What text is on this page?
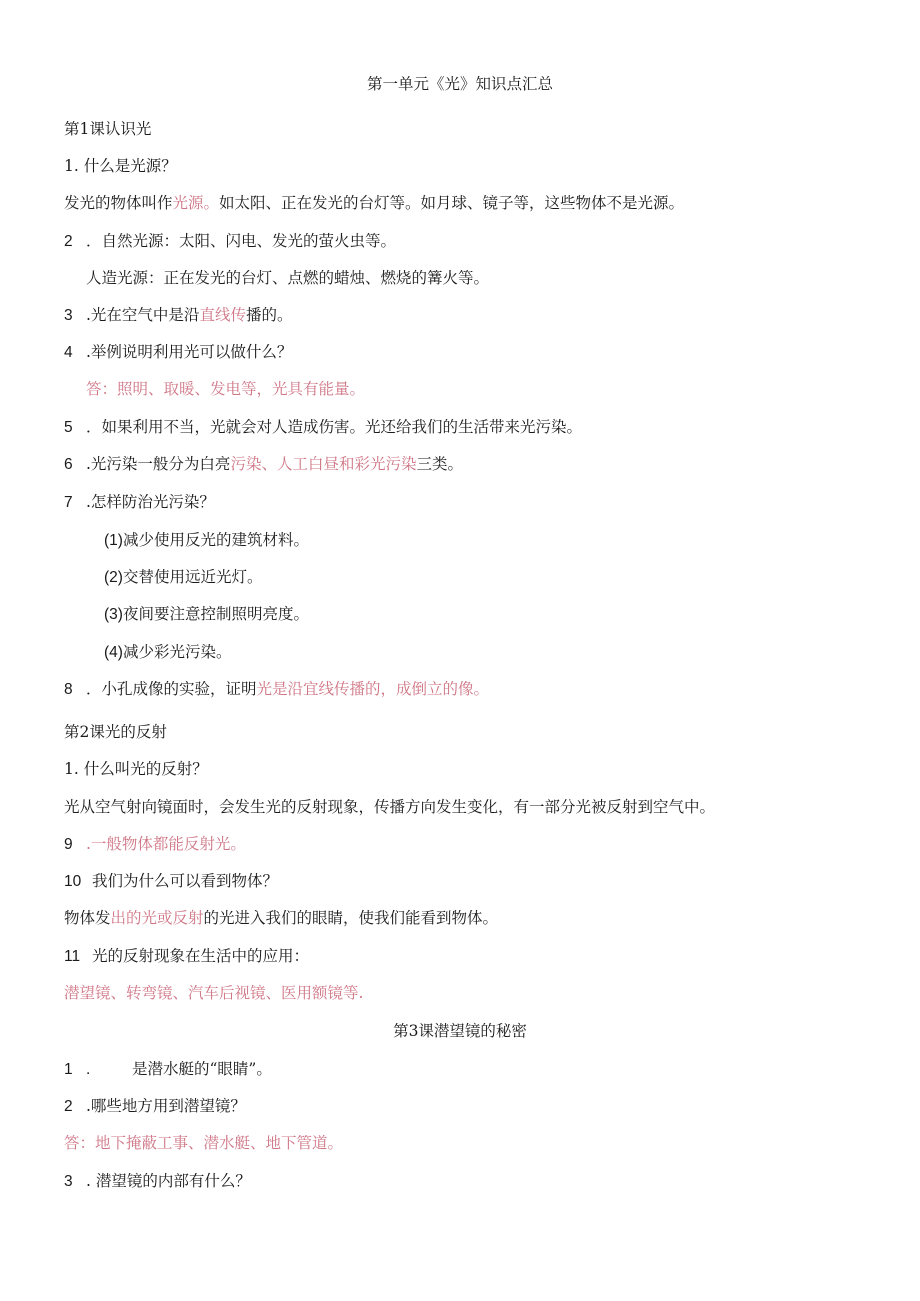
第一单元《光》知识点汇总
第1课认识光
1. 什么是光源？
发光的物体叫作光源。如太阳、正在发光的台灯等。如月球、镜子等，这些物体不是光源。
2 ．自然光源：太阳、闪电、发光的萤火虫等。
人造光源：正在发光的台灯、点燃的蜡烛、燃烧的篝火等。
3 .光在空气中是沿直线传播的。
4 .举例说明利用光可以做什么？
答：照明、取暖、发电等，光具有能量。
5 ．如果利用不当，光就会对人造成伤害。光还给我们的生活带来光污染。
6 .光污染一般分为白亮污染、人工白昼和彩光污染三类。
7 .怎样防治光污染？
(1)减少使用反光的建筑材料。
(2)交替使用远近光灯。
(3)夜间要注意控制照明亮度。
(4)减少彩光污染。
8 ．小孔成像的实验，证明光是沿宜线传播的，成倒立的像。
第2课光的反射
1. 什么叫光的反射？
光从空气射向镜面时，会发生光的反射现象，传播方向发生变化，有一部分光被反射到空气中。
9 .一般物体都能反射光。
10 我们为什么可以看到物体？
物体发出的光或反射的光进入我们的眼睛，使我们能看到物体。
11 光的反射现象在生活中的应用：
潜望镜、转弯镜、汽车后视镜、医用额镜等.
第3课潜望镜的秘密
1 .	是潜水艇的“眼睛”。
2 .哪些地方用到潜望镜？
答：地下掩蔽工事、潜水艇、地下管道。
3 . 潜望镜的内部有什么？
